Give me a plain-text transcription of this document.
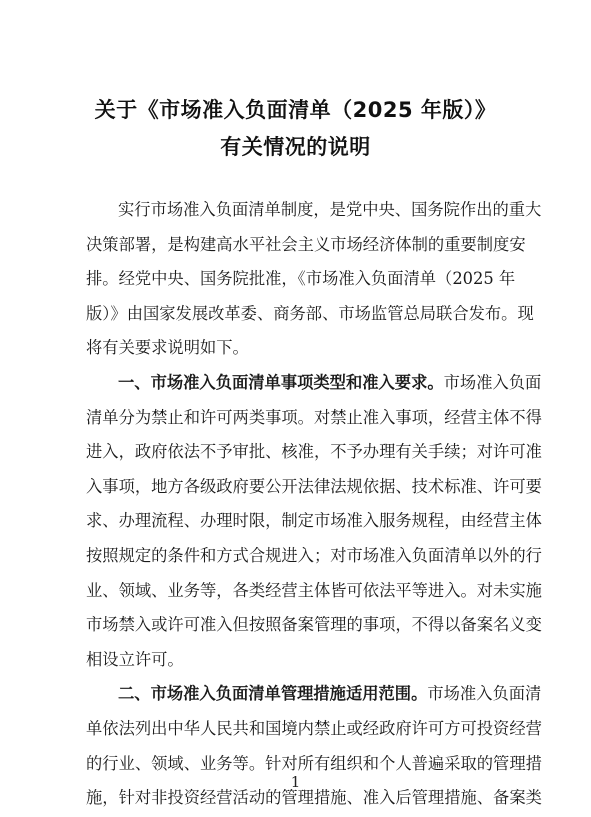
关于《市场准入负面清单（2025 年版）》
有关情况的说明
实行市场准入负面清单制度，是党中央、国务院作出的重大
决策部署，是构建高水平社会主义市场经济体制的重要制度安
排。经党中央、国务院批准，《市场准入负面清单（2025 年
版）》由国家发展改革委、商务部、市场监管总局联合发布。现
将有关要求说明如下。
一、市场准入负面清单事项类型和准入要求。市场准入负面
清单分为禁止和许可两类事项。对禁止准入事项，经营主体不得
进入，政府依法不予审批、核准，不予办理有关手续；对许可准
入事项，地方各级政府要公开法律法规依据、技术标准、许可要
求、办理流程、办理时限，制定市场准入服务规程，由经营主体
按照规定的条件和方式合规进入；对市场准入负面清单以外的行
业、领域、业务等，各类经营主体皆可依法平等进入。对未实施
市场禁入或许可准入但按照备案管理的事项，不得以备案名义变
相设立许可。
二、市场准入负面清单管理措施适用范围。市场准入负面清
单依法列出中华人民共和国境内禁止或经政府许可方可投资经营
的行业、领域、业务等。针对所有组织和个人普遍采取的管理措
施，针对非投资经营活动的管理措施、准入后管理措施、备案类
1
